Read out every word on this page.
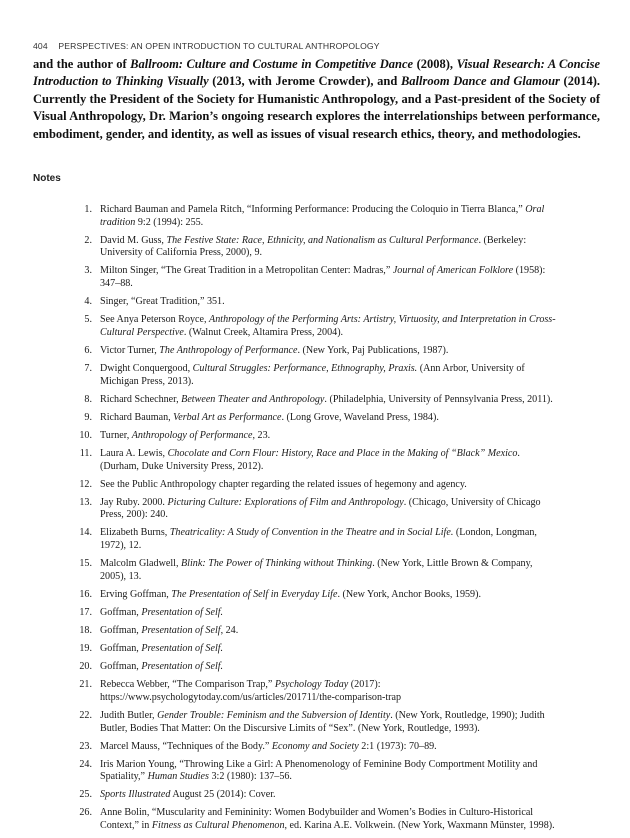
404 PERSPECTIVES: AN OPEN INTRODUCTION TO CULTURAL ANTHROPOLOGY

and the author of Ballroom: Culture and Costume in Competitive Dance (2008), Visual Research: A Concise Introduction to Thinking Visually (2013, with Jerome Crowder), and Ballroom Dance and Glamour (2014). Currently the President of the Society for Humanistic Anthropology, and a Past-president of the Society of Visual Anthropology, Dr. Marion’s ongoing research explores the interrelationships between performance, embodiment, gender, and identity, as well as issues of visual research ethics, theory, and methodologies.

Notes
1. Richard Bauman and Pamela Ritch, “Informing Performance: Producing the Coloquio in Tierra Blanca,” Oral tradition 9:2 (1994): 255.
2. David M. Guss, The Festive State: Race, Ethnicity, and Nationalism as Cultural Performance. (Berkeley: University of California Press, 2000), 9.
3. Milton Singer, “The Great Tradition in a Metropolitan Center: Madras,” Journal of American Folklore (1958): 347–88.
4. Singer, “Great Tradition,” 351.
5. See Anya Peterson Royce, Anthropology of the Performing Arts: Artistry, Virtuosity, and Interpretation in Cross-Cultural Perspective. (Walnut Creek, Altamira Press, 2004).
6. Victor Turner, The Anthropology of Performance. (New York, Paj Publications, 1987).
7. Dwight Conquergood, Cultural Struggles: Performance, Ethnography, Praxis. (Ann Arbor, University of Michigan Press, 2013).
8. Richard Schechner, Between Theater and Anthropology. (Philadelphia, University of Pennsylvania Press, 2011).
9. Richard Bauman, Verbal Art as Performance. (Long Grove, Waveland Press, 1984).
10. Turner, Anthropology of Performance, 23.
11. Laura A. Lewis, Chocolate and Corn Flour: History, Race and Place in the Making of “Black” Mexico. (Durham, Duke University Press, 2012).
12. See the Public Anthropology chapter regarding the related issues of hegemony and agency.
13. Jay Ruby. 2000. Picturing Culture: Explorations of Film and Anthropology. (Chicago, University of Chicago Press, 200): 240.
14. Elizabeth Burns, Theatricality: A Study of Convention in the Theatre and in Social Life. (London, Longman, 1972), 12.
15. Malcolm Gladwell, Blink: The Power of Thinking without Thinking. (New York, Little Brown & Company, 2005), 13.
16. Erving Goffman, The Presentation of Self in Everyday Life. (New York, Anchor Books, 1959).
17. Goffman, Presentation of Self.
18. Goffman, Presentation of Self, 24.
19. Goffman, Presentation of Self.
20. Goffman, Presentation of Self.
21. Rebecca Webber, “The Comparison Trap,” Psychology Today (2017): https://www.psychologytoday.com/us/articles/201711/the-comparison-trap
22. Judith Butler, Gender Trouble: Feminism and the Subversion of Identity. (New York, Routledge, 1990); Judith Butler, Bodies That Matter: On the Discursive Limits of “Sex”. (New York, Routledge, 1993).
23. Marcel Mauss, “Techniques of the Body.” Economy and Society 2:1 (1973): 70–89.
24. Iris Marion Young, “Throwing Like a Girl: A Phenomenology of Feminine Body Comportment Motility and Spatiality,” Human Studies 3:2 (1980): 137–56.
25. Sports Illustrated August 25 (2014): Cover.
26. Anne Bolin, “Muscularity and Femininity: Women Bodybuilder and Women’s Bodies in Culturo-Historical Context,” in Fitness as Cultural Phenomenon, ed. Karina A.E. Volkwein. (New York, Waxmann Münster, 1998).
